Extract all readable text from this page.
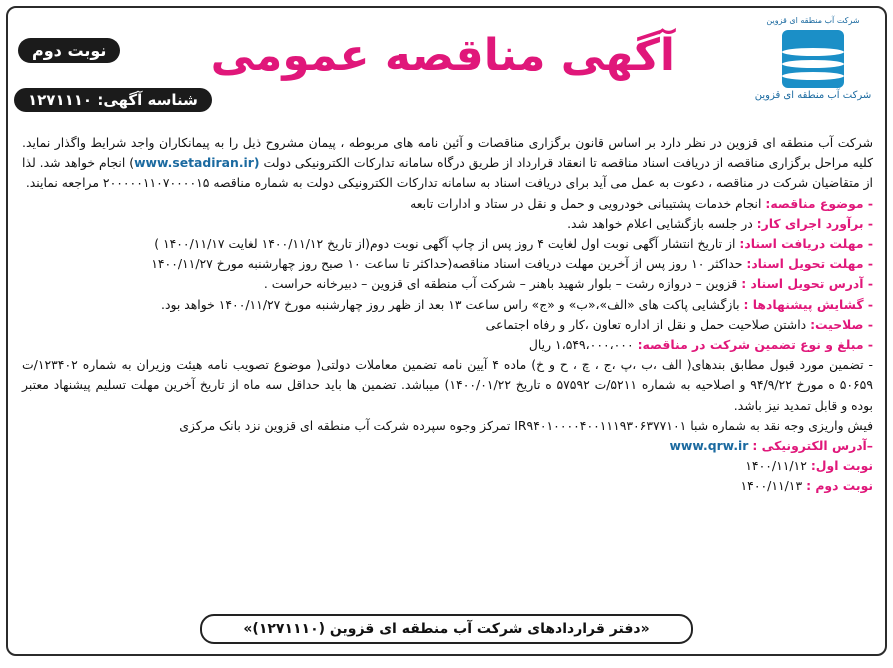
شرکت آب منطقه ای قزوین
شرکت آب منطقه ای قزوین
آگهی مناقصه عمومی
نوبت دوم
شناسه آگهی: ۱۲۷۱۱۱۰

شرکت آب منطقه ای قزوین در نظر دارد بر اساس قانون برگزاری مناقصات و آئین نامه های مربوطه ، پیمان مشروح ذیل را به پیمانکاران واجد شرایط واگذار نماید. کلیه مراحل برگزاری مناقصه از دریافت اسناد مناقصه تا انعقاد قرارداد از طریق درگاه سامانه تدارکات الکترونیکی دولت (www.setadiran.ir) انجام خواهد شد. لذا از متقاضیان شرکت در مناقصه ، دعوت به عمل می آید برای دریافت اسناد به سامانه تدارکات الکترونیکی دولت به شماره مناقصه ۲۰۰۰۰۰۱۱۰۷۰۰۰۰۱۵ مراجعه نمایند.

- موضوع مناقصه: انجام خدمات پشتیبانی خودرویی و حمل و نقل در ستاد و ادارات تابعه

- برآورد اجرای کار: در جلسه بازگشایی اعلام خواهد شد.

- مهلت دریافت اسناد: از تاریخ انتشار آگهی نوبت اول لغایت ۴ روز پس از چاپ آگهی نوبت دوم(از تاریخ ۱۴۰۰/۱۱/۱۲ لغایت ۱۴۰۰/۱۱/۱۷ )

- مهلت تحویل اسناد: حداکثر ۱۰ روز پس از آخرین مهلت دریافت اسناد مناقصه(حداکثر تا ساعت ۱۰ صبح روز چهارشنبه مورخ ۱۴۰۰/۱۱/۲۷

- آدرس تحویل اسناد : قزوین – دروازه رشت – بلوار شهید باهنر – شرکت آب منطقه ای قزوین – دبیرخانه حراست .

- گشایش پیشنهادها : بازگشایی پاکت های «الف»،«ب» و «ج» راس ساعت ۱۳ بعد از ظهر روز چهارشنبه مورخ ۱۴۰۰/۱۱/۲۷ خواهد بود.

- صلاحیت: داشتن صلاحیت حمل و نقل از اداره تعاون ،کار و رفاه اجتماعی

- مبلغ و نوع تضمین شرکت در مناقصه: ۱،۵۴۹،۰۰۰،۰۰۰ ریال

- تضمین مورد قبول مطابق بندهای( الف ،ب ،پ ،ج ، چ ، ح و خ) ماده ۴ آیین نامه تضمین معاملات دولتی( موضوع تصویب نامه هیئت وزیران به شماره ۱۲۳۴۰۲/ت ۵۰۶۵۹ ه مورخ ۹۴/۹/۲۲ و اصلاحیه به شماره ۵۲۱۱/ت ۵۷۵۹۲ ه تاریخ ۱۴۰۰/۰۱/۲۲) میباشد. تضمین ها باید حداقل سه ماه از تاریخ آخرین مهلت تسلیم پیشنهاد معتبر بوده و قابل تمدید نیز باشد.

فیش واریزی وجه نقد به شماره شبا IR۹۴۰۱۰۰۰۰۴۰۰۱۱۱۹۳۰۶۳۷۷۱۰۱ تمرکز وجوه سپرده شرکت آب منطقه ای قزوین نزد بانک مرکزی

–آدرس الکترونیکی : www.qrw.ir

نوبت اول: ۱۴۰۰/۱۱/۱۲

نوبت دوم : ۱۴۰۰/۱۱/۱۳

«دفتر قراردادهای شرکت آب منطقه ای قزوین (۱۲۷۱۱۱۰)»
